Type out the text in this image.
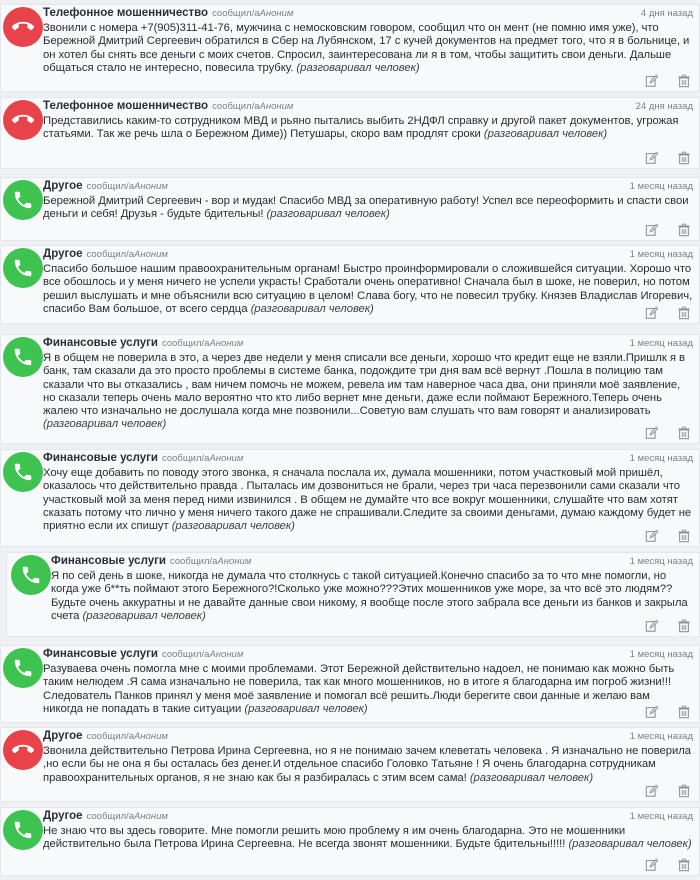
Телефонное мошенничество сообщил/аАноним	4 дня назад
Звонили с номера +7(905)311-41-76, мужчина с немосковским говором, сообщил что он мент (не помню имя уже), что Бережной Дмитрий Сергеевич обратился в Сбер на Лубянском, 17 с кучей документов на предмет того, что я в больнице, и он хотел бы снять все деньги с моих счетов. Спросил, заинтересована ли я в том, чтобы защитить свои деньги. Дальше общаться стало не интересно, повесила трубку. (разговаривал человек)
Телефонное мошенничество сообщил/аАноним	24 дня назад
Представились каким-то сотрудником МВД и рьяно пытались выбить 2НДФЛ справку и другой пакет документов, угрожая статьями. Так же речь шла о Бережном Диме)) Петушары, скоро вам продлят сроки (разговаривал человек)
Другое сообщил/аАноним	1 месяц назад
Бережной Дмитрий Сергеевич - вор и мудак! Спасибо МВД за оперативную работу! Успел все переоформить и спасти свои деньги и себя! Друзья - будьте бдительны! (разговаривал человек)
Другое сообщил/аАноним	1 месяц назад
Спасибо большое нашим правоохранительным органам! Быстро проинформировали о сложившейся ситуации. Хорошо что все обошлось и у меня ничего не успели украсть! Сработали очень оперативно! Сначала был в шоке, не поверил, но потом решил выслушать и мне объяснили всю ситуацию в целом! Слава богу, что не повесил трубку. Князев Владислав Игоревич, спасибо Вам большое, от всего сердца (разговаривал человек)
Финансовые услуги сообщил/аАноним	1 месяц назад
Я в общем не поверила в это, а через две недели у меня списали все деньги, хорошо что кредит еще не взяли.Пришлк я в банк, там сказали да это просто проблемы в системе банка, подождите три дня вам всё вернут .Пошла в полицию там сказали что вы отказались , вам ничем помочь не можем, ревела им там наверное часа два, они приняли моё заявление, но сказали теперь очень мало вероятно что кто либо вернет мне деньги, даже если поймают Бережного.Теперь очень жалею что изначально не дослушала когда мне позвонили...Советую вам слушать что вам говорят и анализировать (разговаривал человек)
Финансовые услуги сообщил/аАноним	1 месяц назад
Хочу еще добавить по поводу этого звонка, я сначала послала их, думала мошенники, потом участковый мой пришёл, оказалось что действительно правда . Пыталась им дозвониться не брали, через три часа перезвонили сами сказали что участковый мой за меня перед ними извинился . В общем не думайте что все вокруг мошенники, слушайте что вам хотят сказать потому что лично у меня ничего такого даже не спрашивали.Следите за своими деньгами, думаю каждому будет не приятно если их спишут (разговаривал человек)
Финансовые услуги сообщил/аАноним	1 месяц назад
Я по сей день в шоке, никогда не думала что столкнусь с такой ситуацией.Конечно спасибо за то что мне помогли, но когда уже б**ть поймают этого Бережного?!Сколько уже можно???Этих мошенников уже море, за что всё это людям?? Будьте очень аккуратны и не давайте данные свои никому, я вообще после этого забрала все деньги из банков и закрыла счета (разговаривал человек)
Финансовые услуги сообщил/аАноним	1 месяц назад
Разуваева очень помогла мне с моими проблемами. Этот Бережной действительно надоел, не понимаю как можно быть таким нелюдем .Я сама изначально не поверила, так как много мошенников, но в итоге я благодарна им погроб жизни!!! Следователь Панков принял у меня моё заявление и помогал всё решить.Люди берегите свои данные и желаю вам никогда не попадать в такие ситуации (разговаривал человек)
Другое сообщил/аАноним	1 месяц назад
Звонила действительно Петрова Ирина Сергеевна, но я не понимаю зачем клеветать человека . Я изначально не поверила ,но если бы не она я бы осталась без денег.И отдельное спасибо Головко Татьяне ! Я очень благодарна сотрудникам правоохранительных органов, я не знаю как бы я разбиралась с этим всем сама! (разговаривал человек)
Другое сообщил/аАноним	1 месяц назад
Не знаю что вы здесь говорите. Мне помогли решить мою проблему я им очень благодарна. Это не мошенники действительно была Петрова Ирина Сергеевна. Не всегда звонят мошенники. Будьте бдительны!!!!! (разговаривал человек)
